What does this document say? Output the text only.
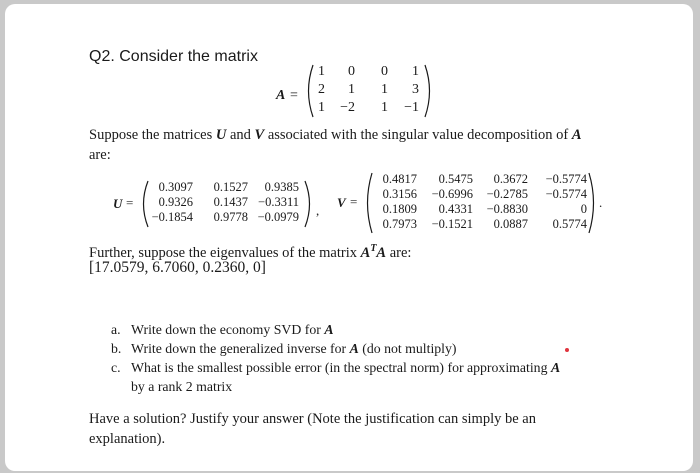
Q2. Consider the matrix
A =
1	0	0	1
2	1	1	3
1	−2	1	−1
Suppose the matrices U and V associated with the singular value decomposition of A
are:
U =
0.3097	0.1527	0.9385
0.9326	0.1437 −0.3311
−0.1854	0.9778 −0.0979 ,
V =
0.4817	0.5475	0.3672	−0.5774
0.3156	−0.6996	−0.2785	−0.5774
0.1809	0.4331	−0.8830	0
0.7973	−0.1521	0.0887	0.5774
.
Further, suppose the eigenvalues of the matrix $A^TA$ are:
[17.0579, 6.7060, 0.2360, 0]
a. Write down the economy SVD for A
b. Write down the generalized inverse for A (do not multiply)
c. What is the smallest possible error (in the spectral norm) for approximating A
by a rank 2 matrix
Have a solution? Justify your answer (Note the justification can simply be an
explanation).
